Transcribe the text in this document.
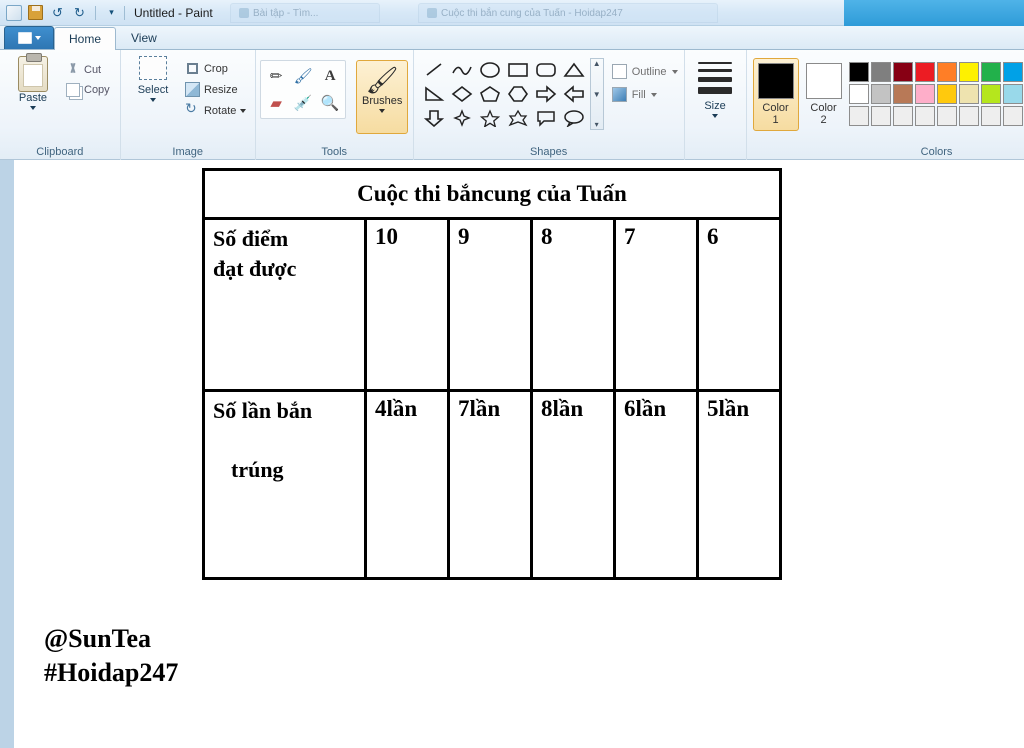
↺ ↻	▾	Untitled - Paint	Bài tập - Tìm...	Cuộc thi bắn cung của Tuấn - Hoidap247
Home	View
Paste
Cut
Copy
Clipboard
Select
Crop
Resize
↻
Rotate
Image
✏ 🖌 A
▰ 💉 🔍
🖌
Brushes
Tools
▲
▼
▾
Outline
Fill
Shapes
Size	Color
1
Color
2
Colors
Cuộc thi bắncung của Tuấn					
Số điểm
đạt được	10	9	8	7	6
Số lần bắn

trúng	4lần	7lần	8lần	6lần	5lần
@SunTea
#Hoidap247
